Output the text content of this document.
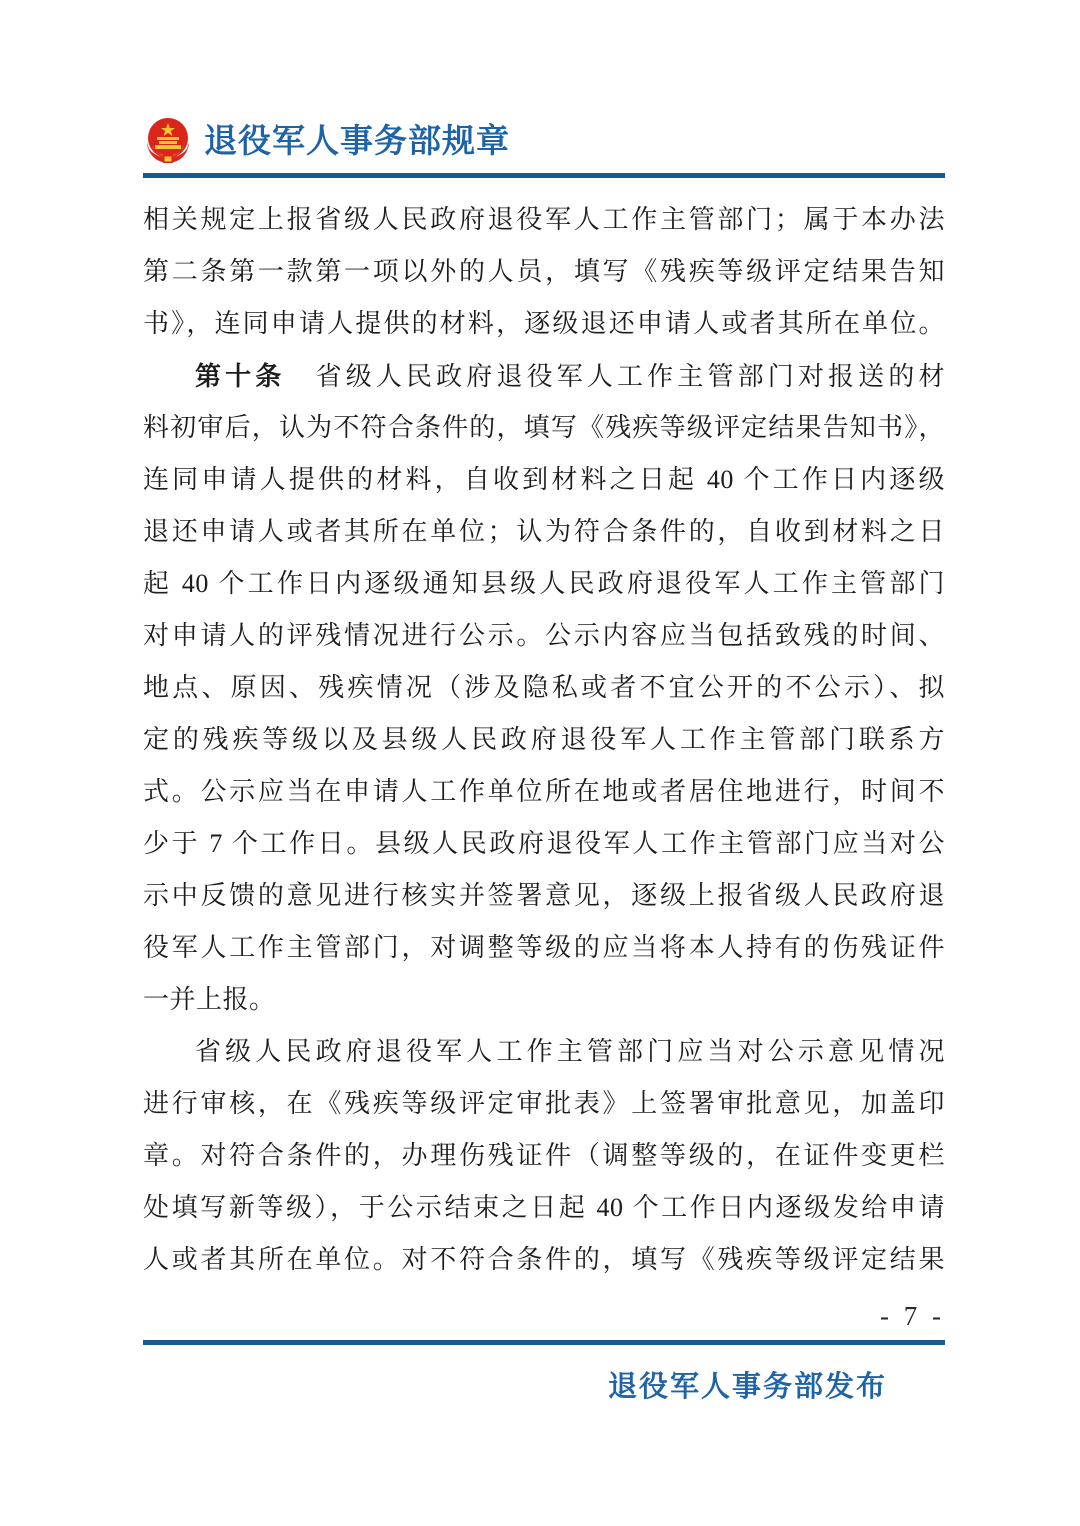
退役军人事务部规章
相关规定上报省级人民政府退役军人工作主管部门；属于本办法
第二条第一款第一项以外的人员，填写《残疾等级评定结果告知
书》，连同申请人提供的材料，逐级退还申请人或者其所在单位。
第十条　省级人民政府退役军人工作主管部门对报送的材
料初审后，认为不符合条件的，填写《残疾等级评定结果告知书》，
连同申请人提供的材料，自收到材料之日起 40 个工作日内逐级
退还申请人或者其所在单位；认为符合条件的，自收到材料之日
起 40 个工作日内逐级通知县级人民政府退役军人工作主管部门
对申请人的评残情况进行公示。公示内容应当包括致残的时间、
地点、原因、残疾情况（涉及隐私或者不宜公开的不公示）、拟
定的残疾等级以及县级人民政府退役军人工作主管部门联系方
式。公示应当在申请人工作单位所在地或者居住地进行，时间不
少于 7 个工作日。县级人民政府退役军人工作主管部门应当对公
示中反馈的意见进行核实并签署意见，逐级上报省级人民政府退
役军人工作主管部门，对调整等级的应当将本人持有的伤残证件
一并上报。
省级人民政府退役军人工作主管部门应当对公示意见情况
进行审核，在《残疾等级评定审批表》上签署审批意见，加盖印
章。对符合条件的，办理伤残证件（调整等级的，在证件变更栏
处填写新等级），于公示结束之日起 40 个工作日内逐级发给申请
人或者其所在单位。对不符合条件的，填写《残疾等级评定结果
- 7 -
退役军人事务部发布
